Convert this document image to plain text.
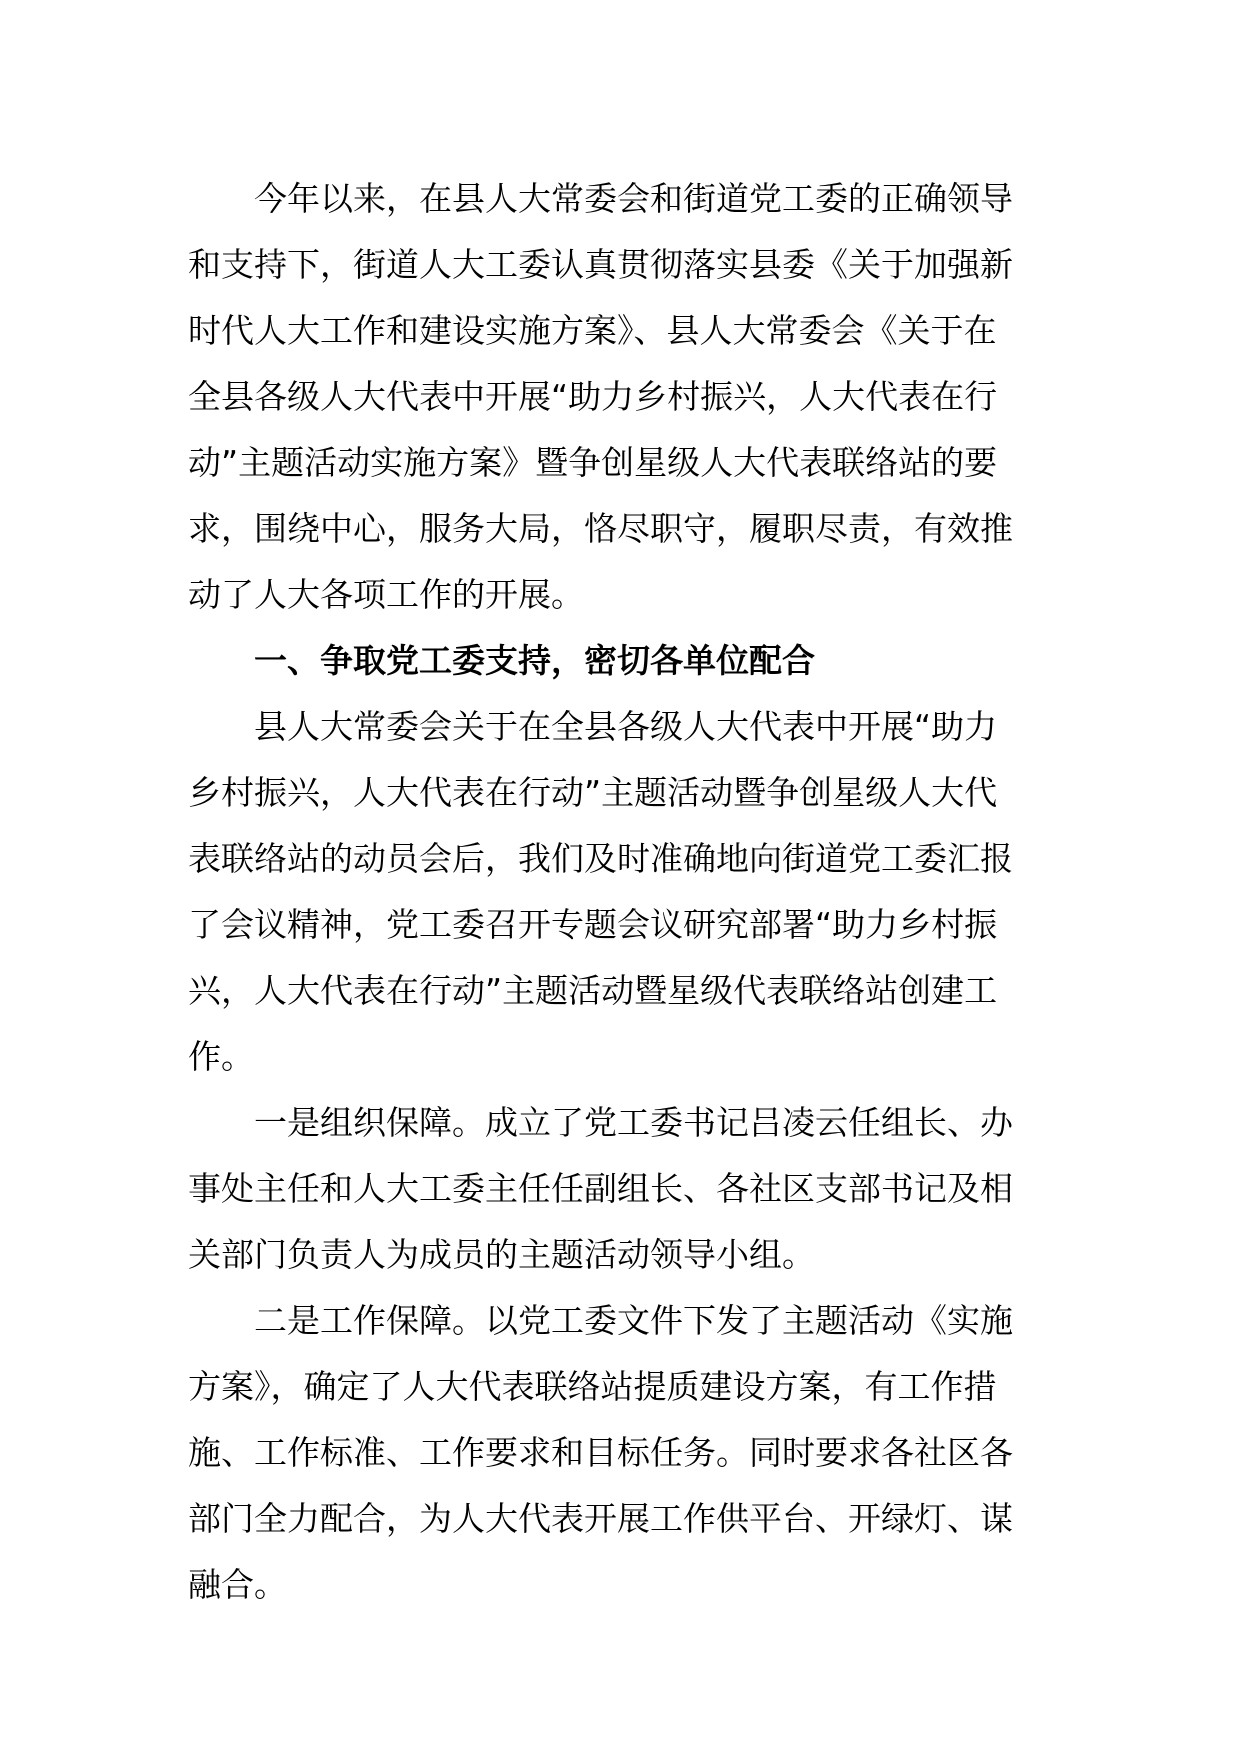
今年以来，在县人大常委会和街道党工委的正确领导
和支持下，街道人大工委认真贯彻落实县委《关于加强新
时代人大工作和建设实施方案》、县人大常委会《关于在
全县各级人大代表中开展“助力乡村振兴，人大代表在行
动”主题活动实施方案》暨争创星级人大代表联络站的要
求，围绕中心，服务大局，恪尽职守，履职尽责，有效推
动了人大各项工作的开展。
一、争取党工委支持，密切各单位配合
县人大常委会关于在全县各级人大代表中开展“助力
乡村振兴，人大代表在行动”主题活动暨争创星级人大代
表联络站的动员会后，我们及时准确地向街道党工委汇报
了会议精神，党工委召开专题会议研究部署“助力乡村振
兴，人大代表在行动”主题活动暨星级代表联络站创建工
作。
一是组织保障。成立了党工委书记吕凌云任组长、办
事处主任和人大工委主任任副组长、各社区支部书记及相
关部门负责人为成员的主题活动领导小组。
二是工作保障。以党工委文件下发了主题活动《实施
方案》，确定了人大代表联络站提质建设方案，有工作措
施、工作标准、工作要求和目标任务。同时要求各社区各
部门全力配合，为人大代表开展工作供平台、开绿灯、谋
融合。
